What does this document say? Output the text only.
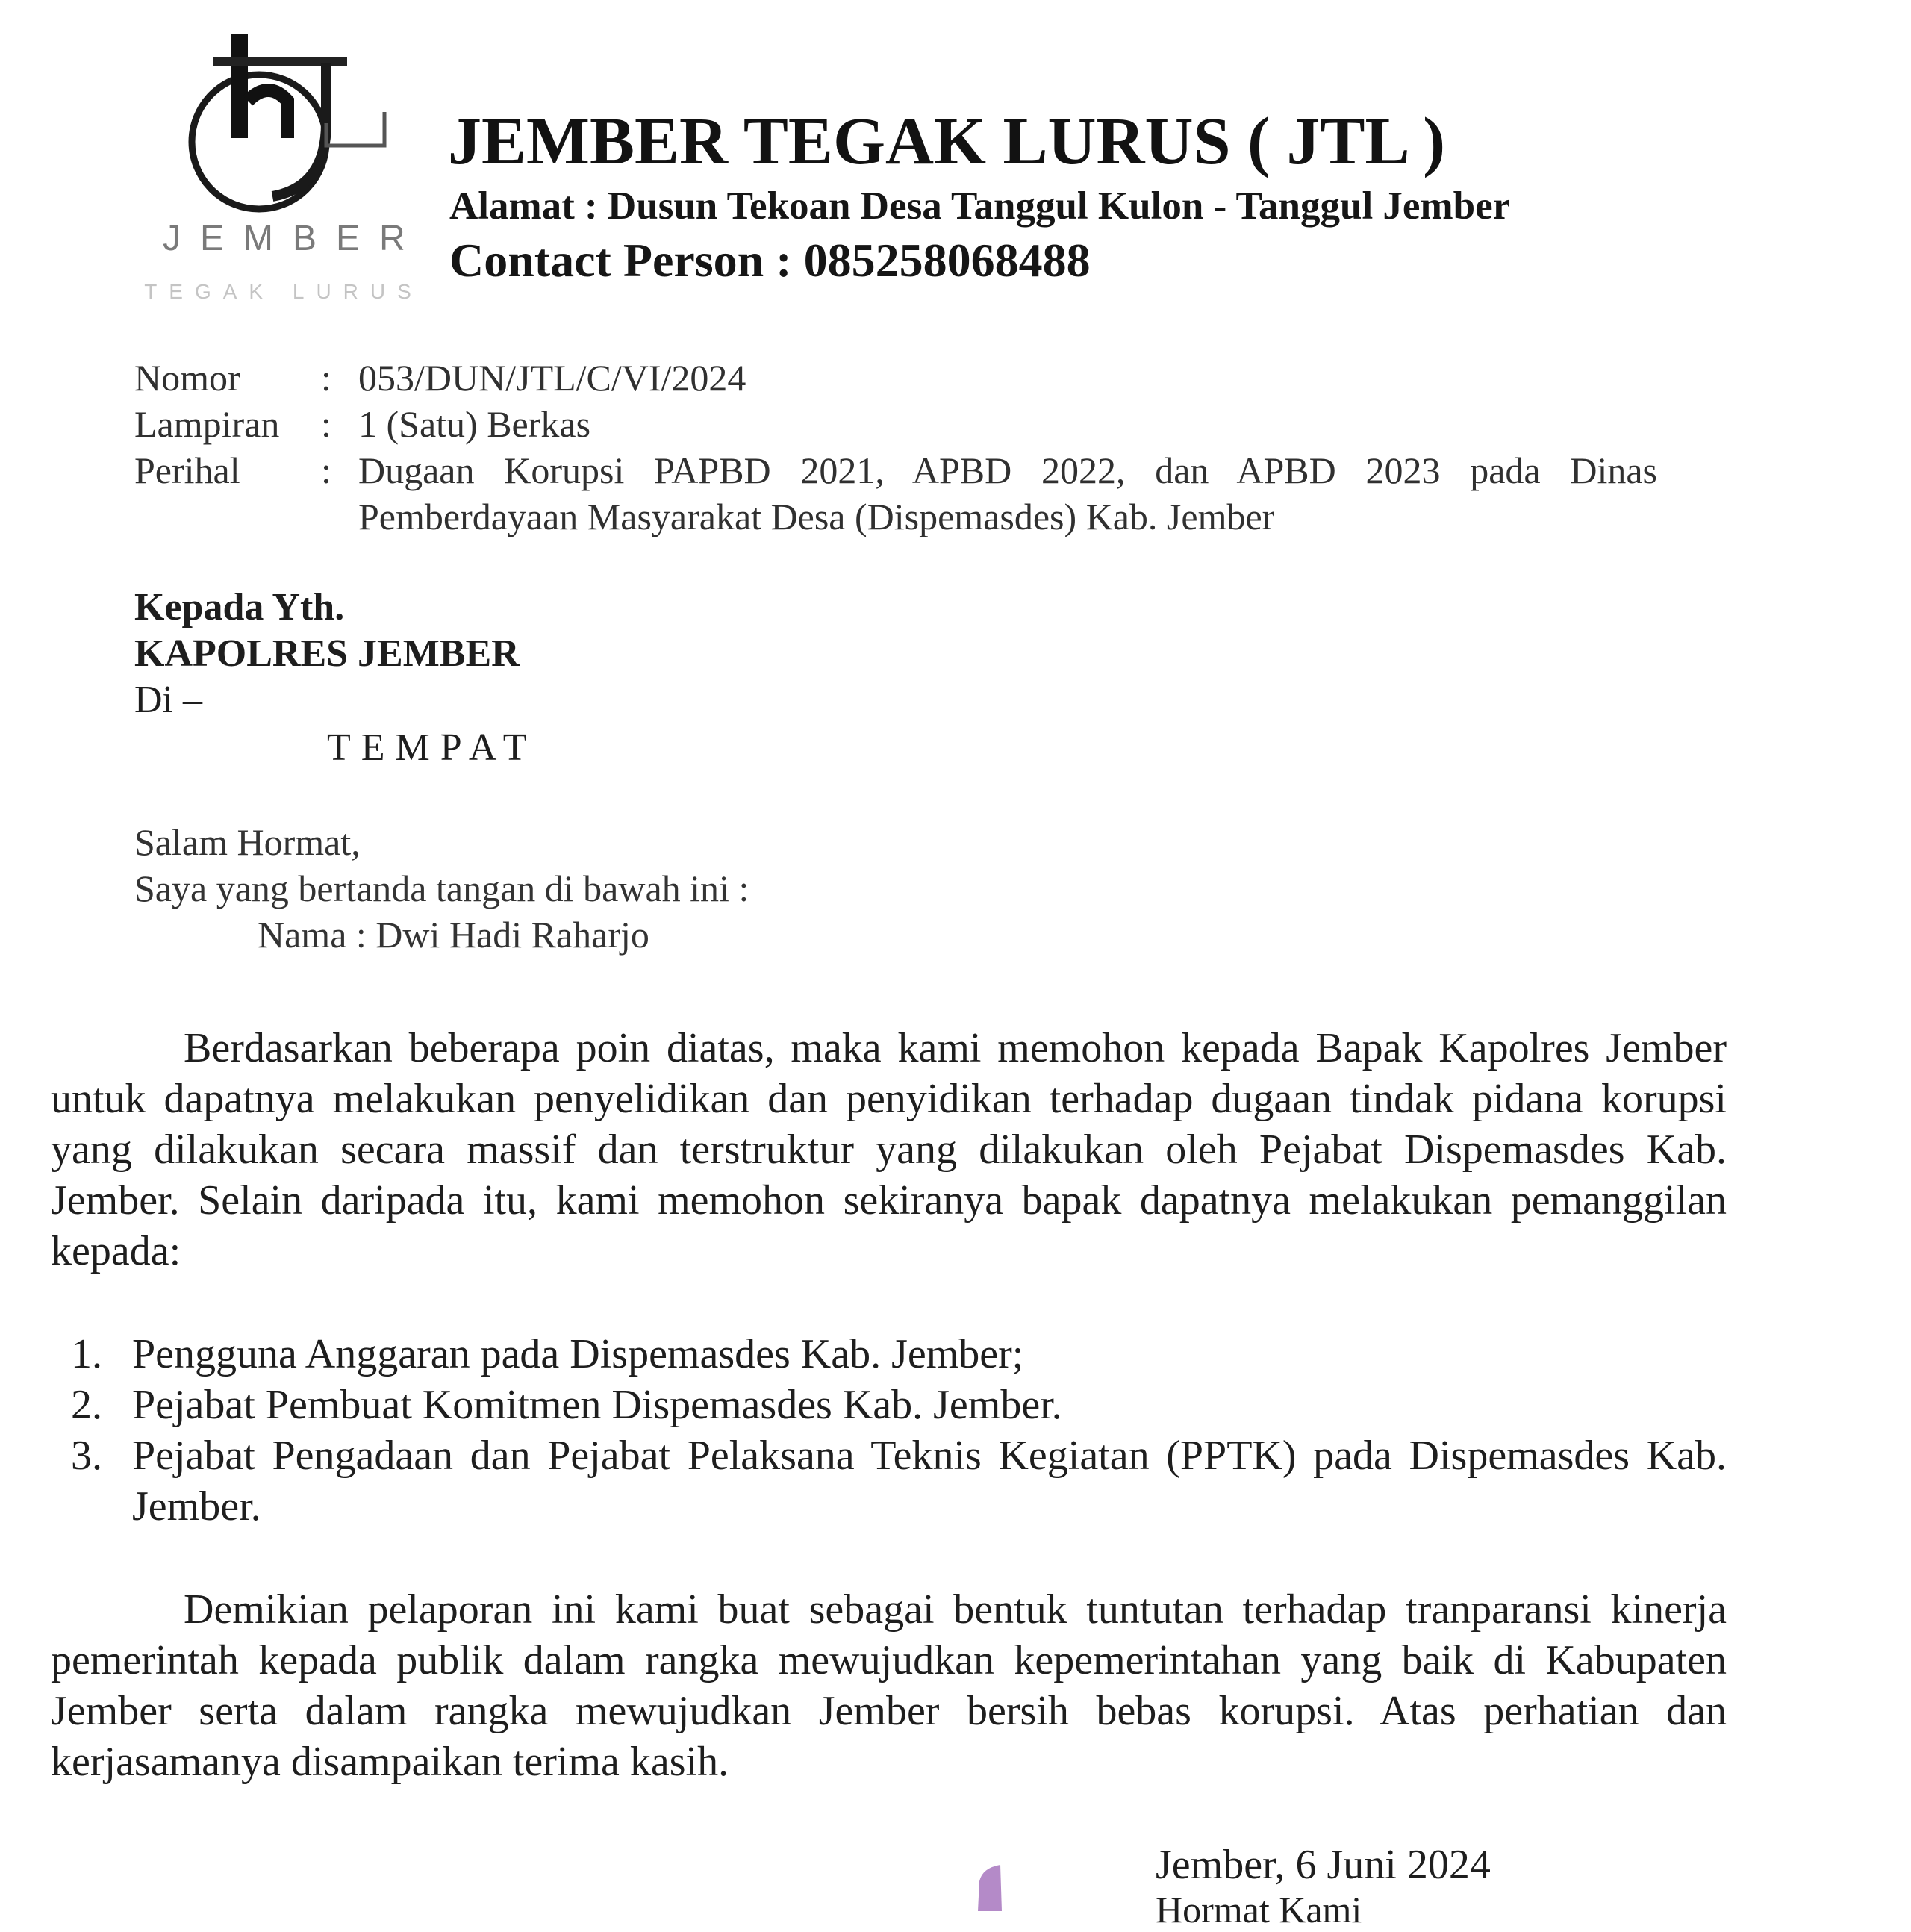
JEMBER
TEGAK LURUS
JEMBER TEGAK LURUS ( JTL )
Alamat : Dusun Tekoan Desa Tanggul Kulon - Tanggul Jember
Contact Person : 085258068488
Nomor	: 053/DUN/JTL/C/VI/2024
Lampiran	: 1 (Satu) Berkas
Perihal	: Dugaan Korupsi PAPBD 2021, APBD 2022, dan APBD 2023 pada Dinas Pemberdayaan Masyarakat Desa (Dispemasdes) Kab. Jember
Kepada Yth.
KAPOLRES JEMBER
Di –
TEMPAT
Salam Hormat,
Saya yang bertanda tangan di bawah ini :
Nama : Dwi Hadi Raharjo
Berdasarkan beberapa poin diatas, maka kami memohon kepada Bapak Kapolres Jember untuk dapatnya melakukan penyelidikan dan penyidikan terhadap dugaan tindak pidana korupsi yang dilakukan secara massif dan terstruktur yang dilakukan oleh Pejabat Dispemasdes Kab. Jember. Selain daripada itu, kami memohon sekiranya bapak dapatnya melakukan pemanggilan kepada:
1. Pengguna Anggaran pada Dispemasdes Kab. Jember;
2. Pejabat Pembuat Komitmen Dispemasdes Kab. Jember.
3. Pejabat Pengadaan dan Pejabat Pelaksana Teknis Kegiatan (PPTK) pada Dispemasdes Kab. Jember.
Demikian pelaporan ini kami buat sebagai bentuk tuntutan terhadap tranparansi kinerja pemerintah kepada publik dalam rangka mewujudkan kepemerintahan yang baik di Kabupaten Jember serta dalam rangka mewujudkan Jember bersih bebas korupsi. Atas perhatian dan kerjasamanya disampaikan terima kasih.
Jember, 6 Juni 2024
Hormat Kami
